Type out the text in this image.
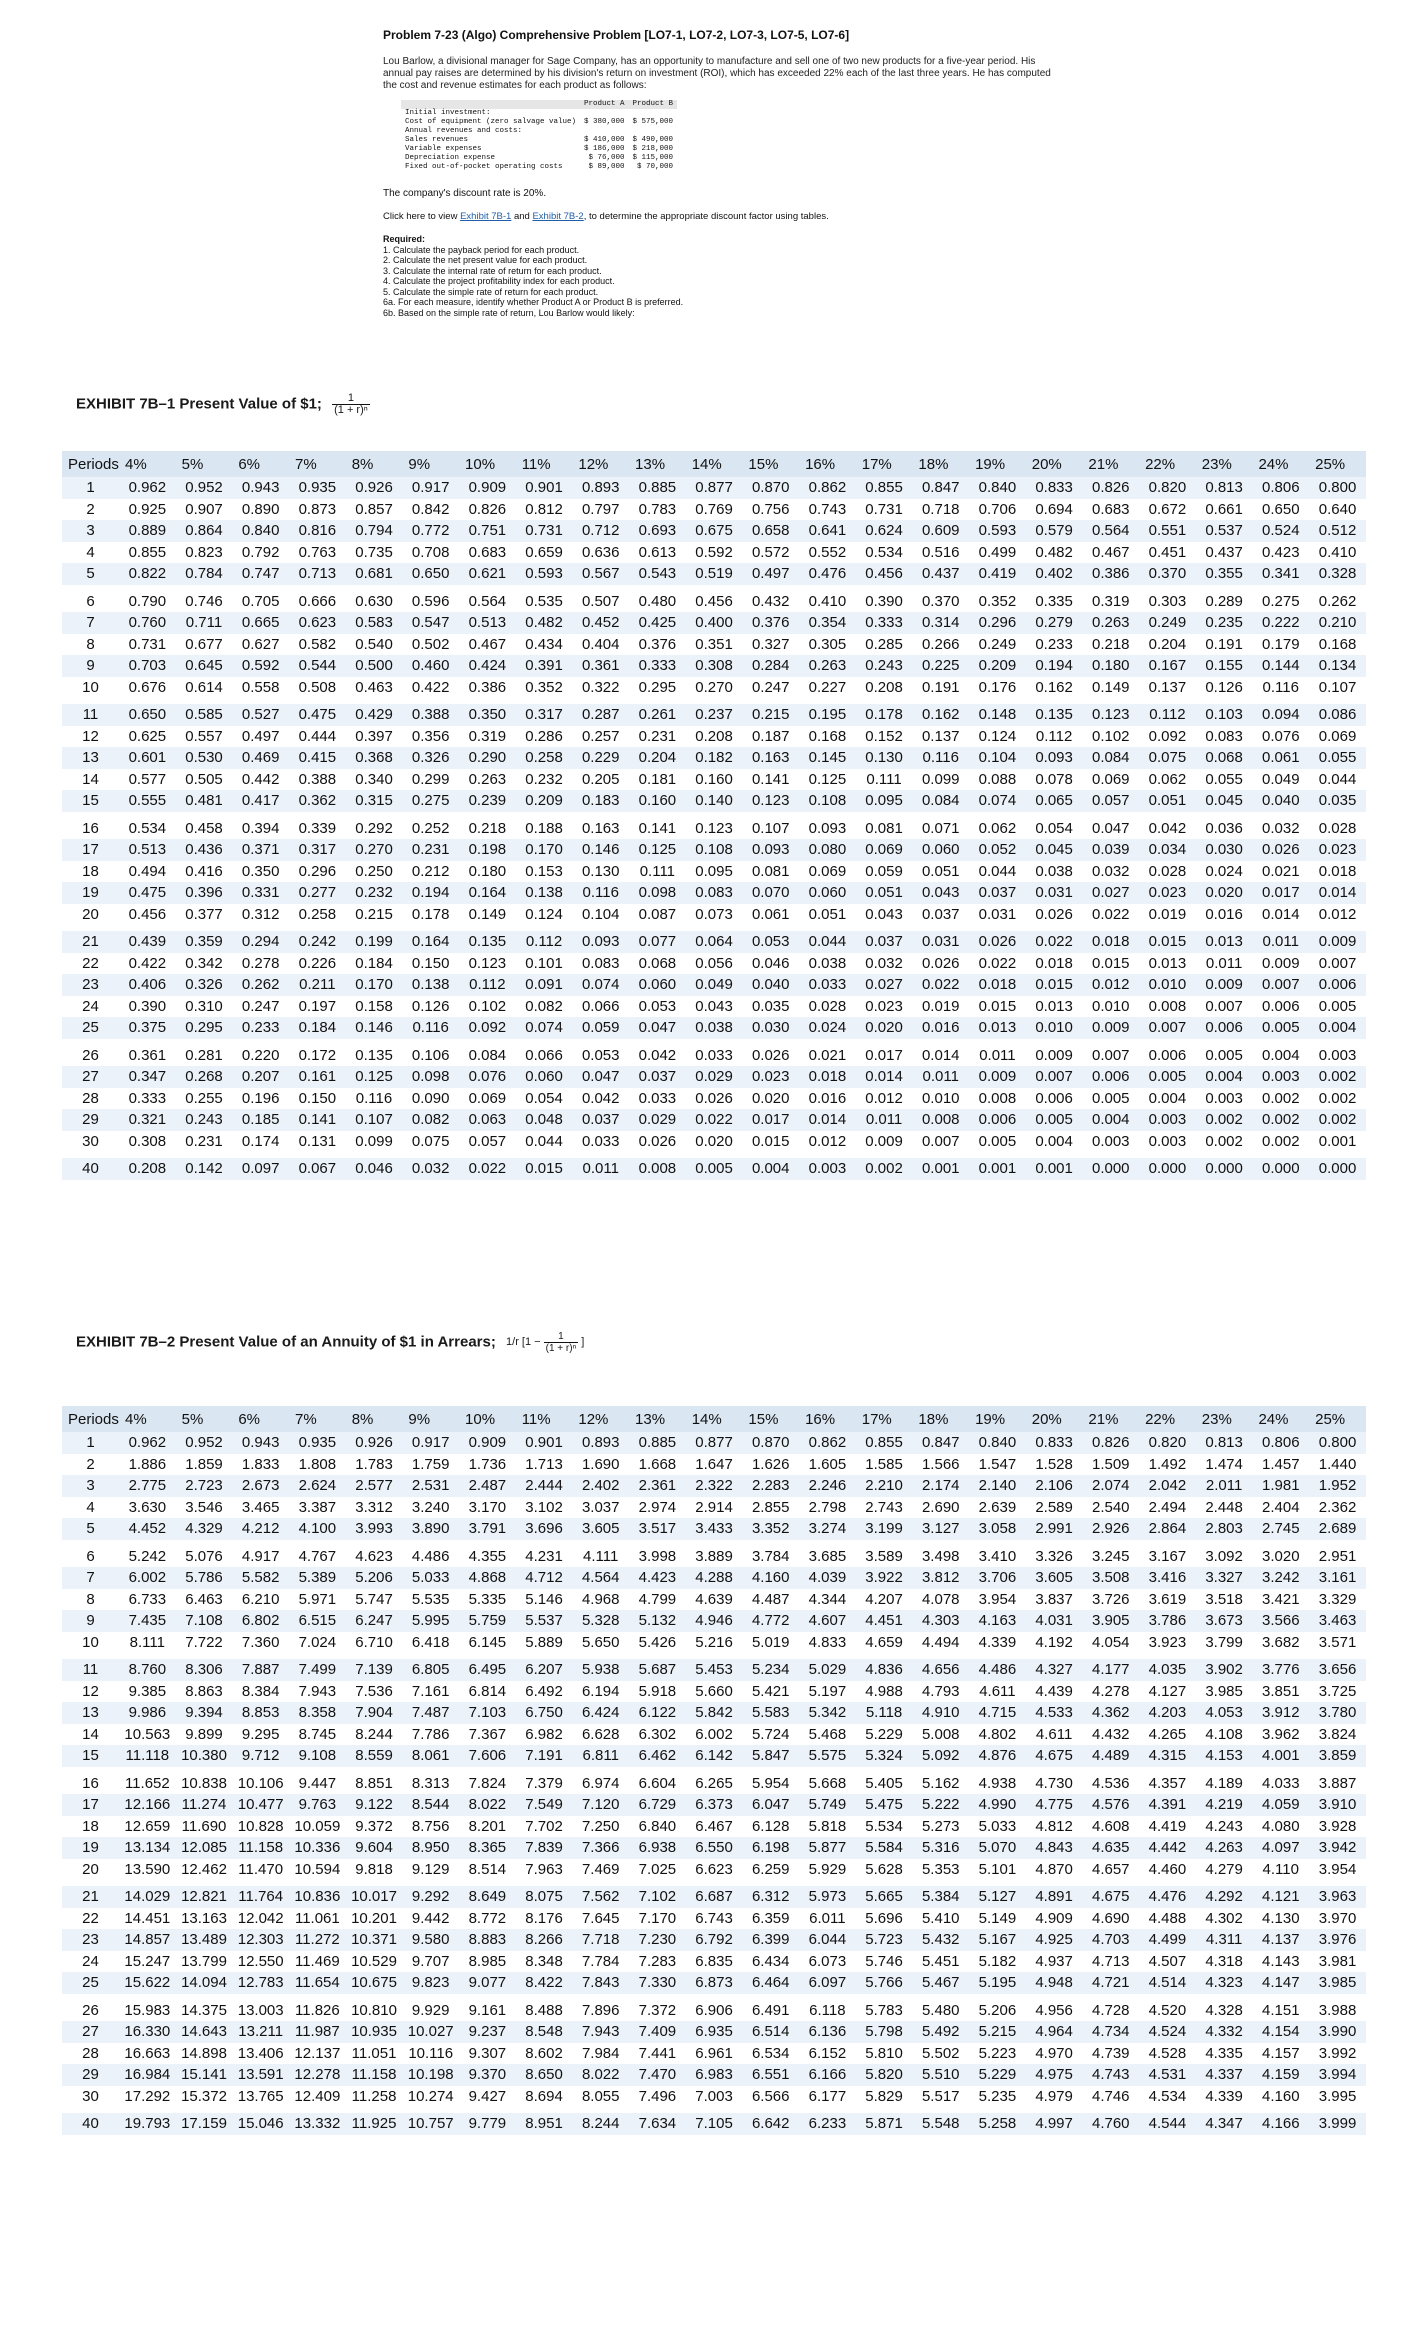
Problem 7-23 (Algo) Comprehensive Problem [LO7-1, LO7-2, LO7-3, LO7-5, LO7-6]
Lou Barlow, a divisional manager for Sage Company, has an opportunity to manufacture and sell one of two new products for a five-year period. His annual pay raises are determined by his division's return on investment (ROI), which has exceeded 22% each of the last three years. He has computed the cost and revenue estimates for each product as follows:
	Product A	Product B
Initial investment:		
Cost of equipment (zero salvage value)	$ 380,000	$ 575,000
Annual revenues and costs:		
Sales revenues	$ 410,000	$ 490,000
Variable expenses	$ 186,000	$ 218,000
Depreciation expense	$ 76,000	$ 115,000
Fixed out-of-pocket operating costs	$ 89,000	$ 70,000
The company's discount rate is 20%.
Click here to view Exhibit 7B-1 and Exhibit 7B-2, to determine the appropriate discount factor using tables.
Required:
1. Calculate the payback period for each product.
2. Calculate the net present value for each product.
3. Calculate the internal rate of return for each product.
4. Calculate the project profitability index for each product.
5. Calculate the simple rate of return for each product.
6a. For each measure, identify whether Product A or Product B is preferred.
6b. Based on the simple rate of return, Lou Barlow would likely:
EXHIBIT 7B–1 Present Value of $1; $\frac{1}{\text{(1 + r)ⁿ}}$
Periods	4%	5%	6%	7%	8%	9%	10%	11%	12%	13%	14%	15%	16%	17%	18%	19%	20%	21%	22%	23%	24%	25%
1	0.962	0.952	0.943	0.935	0.926	0.917	0.909	0.901	0.893	0.885	0.877	0.870	0.862	0.855	0.847	0.840	0.833	0.826	0.820	0.813	0.806	0.800
2	0.925	0.907	0.890	0.873	0.857	0.842	0.826	0.812	0.797	0.783	0.769	0.756	0.743	0.731	0.718	0.706	0.694	0.683	0.672	0.661	0.650	0.640
3	0.889	0.864	0.840	0.816	0.794	0.772	0.751	0.731	0.712	0.693	0.675	0.658	0.641	0.624	0.609	0.593	0.579	0.564	0.551	0.537	0.524	0.512
4	0.855	0.823	0.792	0.763	0.735	0.708	0.683	0.659	0.636	0.613	0.592	0.572	0.552	0.534	0.516	0.499	0.482	0.467	0.451	0.437	0.423	0.410
5	0.822	0.784	0.747	0.713	0.681	0.650	0.621	0.593	0.567	0.543	0.519	0.497	0.476	0.456	0.437	0.419	0.402	0.386	0.370	0.355	0.341	0.328
6	0.790	0.746	0.705	0.666	0.630	0.596	0.564	0.535	0.507	0.480	0.456	0.432	0.410	0.390	0.370	0.352	0.335	0.319	0.303	0.289	0.275	0.262
7	0.760	0.711	0.665	0.623	0.583	0.547	0.513	0.482	0.452	0.425	0.400	0.376	0.354	0.333	0.314	0.296	0.279	0.263	0.249	0.235	0.222	0.210
8	0.731	0.677	0.627	0.582	0.540	0.502	0.467	0.434	0.404	0.376	0.351	0.327	0.305	0.285	0.266	0.249	0.233	0.218	0.204	0.191	0.179	0.168
9	0.703	0.645	0.592	0.544	0.500	0.460	0.424	0.391	0.361	0.333	0.308	0.284	0.263	0.243	0.225	0.209	0.194	0.180	0.167	0.155	0.144	0.134
10	0.676	0.614	0.558	0.508	0.463	0.422	0.386	0.352	0.322	0.295	0.270	0.247	0.227	0.208	0.191	0.176	0.162	0.149	0.137	0.126	0.116	0.107
11	0.650	0.585	0.527	0.475	0.429	0.388	0.350	0.317	0.287	0.261	0.237	0.215	0.195	0.178	0.162	0.148	0.135	0.123	0.112	0.103	0.094	0.086
12	0.625	0.557	0.497	0.444	0.397	0.356	0.319	0.286	0.257	0.231	0.208	0.187	0.168	0.152	0.137	0.124	0.112	0.102	0.092	0.083	0.076	0.069
13	0.601	0.530	0.469	0.415	0.368	0.326	0.290	0.258	0.229	0.204	0.182	0.163	0.145	0.130	0.116	0.104	0.093	0.084	0.075	0.068	0.061	0.055
14	0.577	0.505	0.442	0.388	0.340	0.299	0.263	0.232	0.205	0.181	0.160	0.141	0.125	0.111	0.099	0.088	0.078	0.069	0.062	0.055	0.049	0.044
15	0.555	0.481	0.417	0.362	0.315	0.275	0.239	0.209	0.183	0.160	0.140	0.123	0.108	0.095	0.084	0.074	0.065	0.057	0.051	0.045	0.040	0.035
16	0.534	0.458	0.394	0.339	0.292	0.252	0.218	0.188	0.163	0.141	0.123	0.107	0.093	0.081	0.071	0.062	0.054	0.047	0.042	0.036	0.032	0.028
17	0.513	0.436	0.371	0.317	0.270	0.231	0.198	0.170	0.146	0.125	0.108	0.093	0.080	0.069	0.060	0.052	0.045	0.039	0.034	0.030	0.026	0.023
18	0.494	0.416	0.350	0.296	0.250	0.212	0.180	0.153	0.130	0.111	0.095	0.081	0.069	0.059	0.051	0.044	0.038	0.032	0.028	0.024	0.021	0.018
19	0.475	0.396	0.331	0.277	0.232	0.194	0.164	0.138	0.116	0.098	0.083	0.070	0.060	0.051	0.043	0.037	0.031	0.027	0.023	0.020	0.017	0.014
20	0.456	0.377	0.312	0.258	0.215	0.178	0.149	0.124	0.104	0.087	0.073	0.061	0.051	0.043	0.037	0.031	0.026	0.022	0.019	0.016	0.014	0.012
21	0.439	0.359	0.294	0.242	0.199	0.164	0.135	0.112	0.093	0.077	0.064	0.053	0.044	0.037	0.031	0.026	0.022	0.018	0.015	0.013	0.011	0.009
22	0.422	0.342	0.278	0.226	0.184	0.150	0.123	0.101	0.083	0.068	0.056	0.046	0.038	0.032	0.026	0.022	0.018	0.015	0.013	0.011	0.009	0.007
23	0.406	0.326	0.262	0.211	0.170	0.138	0.112	0.091	0.074	0.060	0.049	0.040	0.033	0.027	0.022	0.018	0.015	0.012	0.010	0.009	0.007	0.006
24	0.390	0.310	0.247	0.197	0.158	0.126	0.102	0.082	0.066	0.053	0.043	0.035	0.028	0.023	0.019	0.015	0.013	0.010	0.008	0.007	0.006	0.005
25	0.375	0.295	0.233	0.184	0.146	0.116	0.092	0.074	0.059	0.047	0.038	0.030	0.024	0.020	0.016	0.013	0.010	0.009	0.007	0.006	0.005	0.004
26	0.361	0.281	0.220	0.172	0.135	0.106	0.084	0.066	0.053	0.042	0.033	0.026	0.021	0.017	0.014	0.011	0.009	0.007	0.006	0.005	0.004	0.003
27	0.347	0.268	0.207	0.161	0.125	0.098	0.076	0.060	0.047	0.037	0.029	0.023	0.018	0.014	0.011	0.009	0.007	0.006	0.005	0.004	0.003	0.002
28	0.333	0.255	0.196	0.150	0.116	0.090	0.069	0.054	0.042	0.033	0.026	0.020	0.016	0.012	0.010	0.008	0.006	0.005	0.004	0.003	0.002	0.002
29	0.321	0.243	0.185	0.141	0.107	0.082	0.063	0.048	0.037	0.029	0.022	0.017	0.014	0.011	0.008	0.006	0.005	0.004	0.003	0.002	0.002	0.002
30	0.308	0.231	0.174	0.131	0.099	0.075	0.057	0.044	0.033	0.026	0.020	0.015	0.012	0.009	0.007	0.005	0.004	0.003	0.003	0.002	0.002	0.001
40	0.208	0.142	0.097	0.067	0.046	0.032	0.022	0.015	0.011	0.008	0.005	0.004	0.003	0.002	0.001	0.001	0.001	0.000	0.000	0.000	0.000	0.000
EXHIBIT 7B–2 Present Value of an Annuity of $1 in Arrears; 1/r [$1 - \frac{1}{\text{(1 + r)ⁿ}}$ ]
Periods	4%	5%	6%	7%	8%	9%	10%	11%	12%	13%	14%	15%	16%	17%	18%	19%	20%	21%	22%	23%	24%	25%
1	0.962	0.952	0.943	0.935	0.926	0.917	0.909	0.901	0.893	0.885	0.877	0.870	0.862	0.855	0.847	0.840	0.833	0.826	0.820	0.813	0.806	0.800
2	1.886	1.859	1.833	1.808	1.783	1.759	1.736	1.713	1.690	1.668	1.647	1.626	1.605	1.585	1.566	1.547	1.528	1.509	1.492	1.474	1.457	1.440
3	2.775	2.723	2.673	2.624	2.577	2.531	2.487	2.444	2.402	2.361	2.322	2.283	2.246	2.210	2.174	2.140	2.106	2.074	2.042	2.011	1.981	1.952
4	3.630	3.546	3.465	3.387	3.312	3.240	3.170	3.102	3.037	2.974	2.914	2.855	2.798	2.743	2.690	2.639	2.589	2.540	2.494	2.448	2.404	2.362
5	4.452	4.329	4.212	4.100	3.993	3.890	3.791	3.696	3.605	3.517	3.433	3.352	3.274	3.199	3.127	3.058	2.991	2.926	2.864	2.803	2.745	2.689
6	5.242	5.076	4.917	4.767	4.623	4.486	4.355	4.231	4.111	3.998	3.889	3.784	3.685	3.589	3.498	3.410	3.326	3.245	3.167	3.092	3.020	2.951
7	6.002	5.786	5.582	5.389	5.206	5.033	4.868	4.712	4.564	4.423	4.288	4.160	4.039	3.922	3.812	3.706	3.605	3.508	3.416	3.327	3.242	3.161
8	6.733	6.463	6.210	5.971	5.747	5.535	5.335	5.146	4.968	4.799	4.639	4.487	4.344	4.207	4.078	3.954	3.837	3.726	3.619	3.518	3.421	3.329
9	7.435	7.108	6.802	6.515	6.247	5.995	5.759	5.537	5.328	5.132	4.946	4.772	4.607	4.451	4.303	4.163	4.031	3.905	3.786	3.673	3.566	3.463
10	8.111	7.722	7.360	7.024	6.710	6.418	6.145	5.889	5.650	5.426	5.216	5.019	4.833	4.659	4.494	4.339	4.192	4.054	3.923	3.799	3.682	3.571
11	8.760	8.306	7.887	7.499	7.139	6.805	6.495	6.207	5.938	5.687	5.453	5.234	5.029	4.836	4.656	4.486	4.327	4.177	4.035	3.902	3.776	3.656
12	9.385	8.863	8.384	7.943	7.536	7.161	6.814	6.492	6.194	5.918	5.660	5.421	5.197	4.988	4.793	4.611	4.439	4.278	4.127	3.985	3.851	3.725
13	9.986	9.394	8.853	8.358	7.904	7.487	7.103	6.750	6.424	6.122	5.842	5.583	5.342	5.118	4.910	4.715	4.533	4.362	4.203	4.053	3.912	3.780
14	10.563	9.899	9.295	8.745	8.244	7.786	7.367	6.982	6.628	6.302	6.002	5.724	5.468	5.229	5.008	4.802	4.611	4.432	4.265	4.108	3.962	3.824
15	11.118	10.380	9.712	9.108	8.559	8.061	7.606	7.191	6.811	6.462	6.142	5.847	5.575	5.324	5.092	4.876	4.675	4.489	4.315	4.153	4.001	3.859
16	11.652	10.838	10.106	9.447	8.851	8.313	7.824	7.379	6.974	6.604	6.265	5.954	5.668	5.405	5.162	4.938	4.730	4.536	4.357	4.189	4.033	3.887
17	12.166	11.274	10.477	9.763	9.122	8.544	8.022	7.549	7.120	6.729	6.373	6.047	5.749	5.475	5.222	4.990	4.775	4.576	4.391	4.219	4.059	3.910
18	12.659	11.690	10.828	10.059	9.372	8.756	8.201	7.702	7.250	6.840	6.467	6.128	5.818	5.534	5.273	5.033	4.812	4.608	4.419	4.243	4.080	3.928
19	13.134	12.085	11.158	10.336	9.604	8.950	8.365	7.839	7.366	6.938	6.550	6.198	5.877	5.584	5.316	5.070	4.843	4.635	4.442	4.263	4.097	3.942
20	13.590	12.462	11.470	10.594	9.818	9.129	8.514	7.963	7.469	7.025	6.623	6.259	5.929	5.628	5.353	5.101	4.870	4.657	4.460	4.279	4.110	3.954
21	14.029	12.821	11.764	10.836	10.017	9.292	8.649	8.075	7.562	7.102	6.687	6.312	5.973	5.665	5.384	5.127	4.891	4.675	4.476	4.292	4.121	3.963
22	14.451	13.163	12.042	11.061	10.201	9.442	8.772	8.176	7.645	7.170	6.743	6.359	6.011	5.696	5.410	5.149	4.909	4.690	4.488	4.302	4.130	3.970
23	14.857	13.489	12.303	11.272	10.371	9.580	8.883	8.266	7.718	7.230	6.792	6.399	6.044	5.723	5.432	5.167	4.925	4.703	4.499	4.311	4.137	3.976
24	15.247	13.799	12.550	11.469	10.529	9.707	8.985	8.348	7.784	7.283	6.835	6.434	6.073	5.746	5.451	5.182	4.937	4.713	4.507	4.318	4.143	3.981
25	15.622	14.094	12.783	11.654	10.675	9.823	9.077	8.422	7.843	7.330	6.873	6.464	6.097	5.766	5.467	5.195	4.948	4.721	4.514	4.323	4.147	3.985
26	15.983	14.375	13.003	11.826	10.810	9.929	9.161	8.488	7.896	7.372	6.906	6.491	6.118	5.783	5.480	5.206	4.956	4.728	4.520	4.328	4.151	3.988
27	16.330	14.643	13.211	11.987	10.935	10.027	9.237	8.548	7.943	7.409	6.935	6.514	6.136	5.798	5.492	5.215	4.964	4.734	4.524	4.332	4.154	3.990
28	16.663	14.898	13.406	12.137	11.051	10.116	9.307	8.602	7.984	7.441	6.961	6.534	6.152	5.810	5.502	5.223	4.970	4.739	4.528	4.335	4.157	3.992
29	16.984	15.141	13.591	12.278	11.158	10.198	9.370	8.650	8.022	7.470	6.983	6.551	6.166	5.820	5.510	5.229	4.975	4.743	4.531	4.337	4.159	3.994
30	17.292	15.372	13.765	12.409	11.258	10.274	9.427	8.694	8.055	7.496	7.003	6.566	6.177	5.829	5.517	5.235	4.979	4.746	4.534	4.339	4.160	3.995
40	19.793	17.159	15.046	13.332	11.925	10.757	9.779	8.951	8.244	7.634	7.105	6.642	6.233	5.871	5.548	5.258	4.997	4.760	4.544	4.347	4.166	3.999
